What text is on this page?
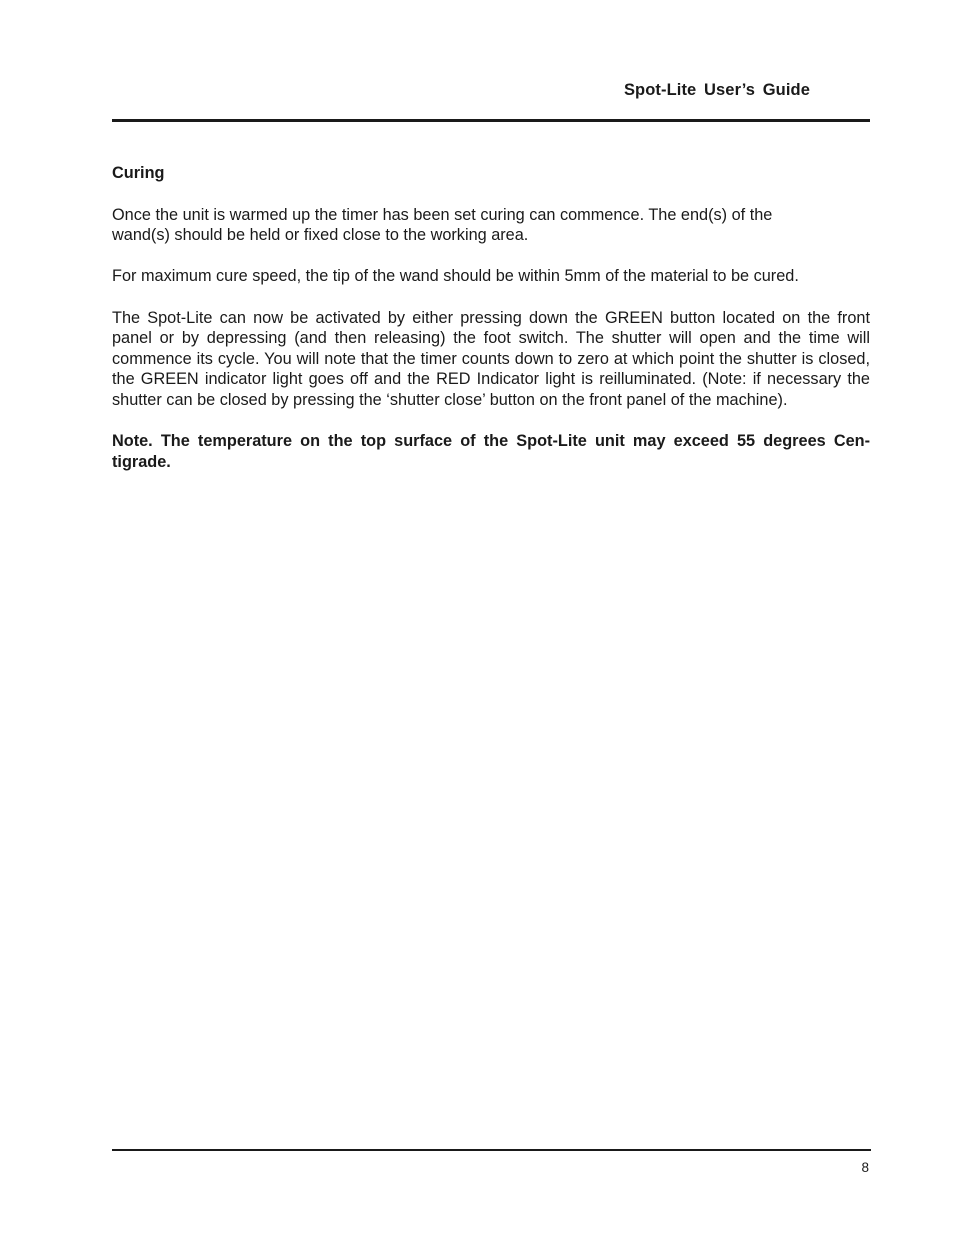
Spot-Lite User’s Guide
Curing

Once the unit is warmed up the timer has been set curing can commence. The end(s) of the wand(s) should be held or fixed close to the working area.

For maximum cure speed, the tip of the wand should be within 5mm of the material to be cured.

The Spot-Lite can now be activated by either pressing down the GREEN button located on the front panel or by depressing (and then releasing) the foot switch. The shutter will open and the time will commence its cycle. You will note that the timer counts down to zero at which point the shutter is closed, the GREEN indicator light goes off and the RED Indicator light is reilluminated. (Note: if necessary the shutter can be closed by pressing the ‘shutter close’ button on the front panel of the machine).

Note. The temperature on the top surface of the Spot-Lite unit may exceed 55 degrees Cen-tigrade.

8
